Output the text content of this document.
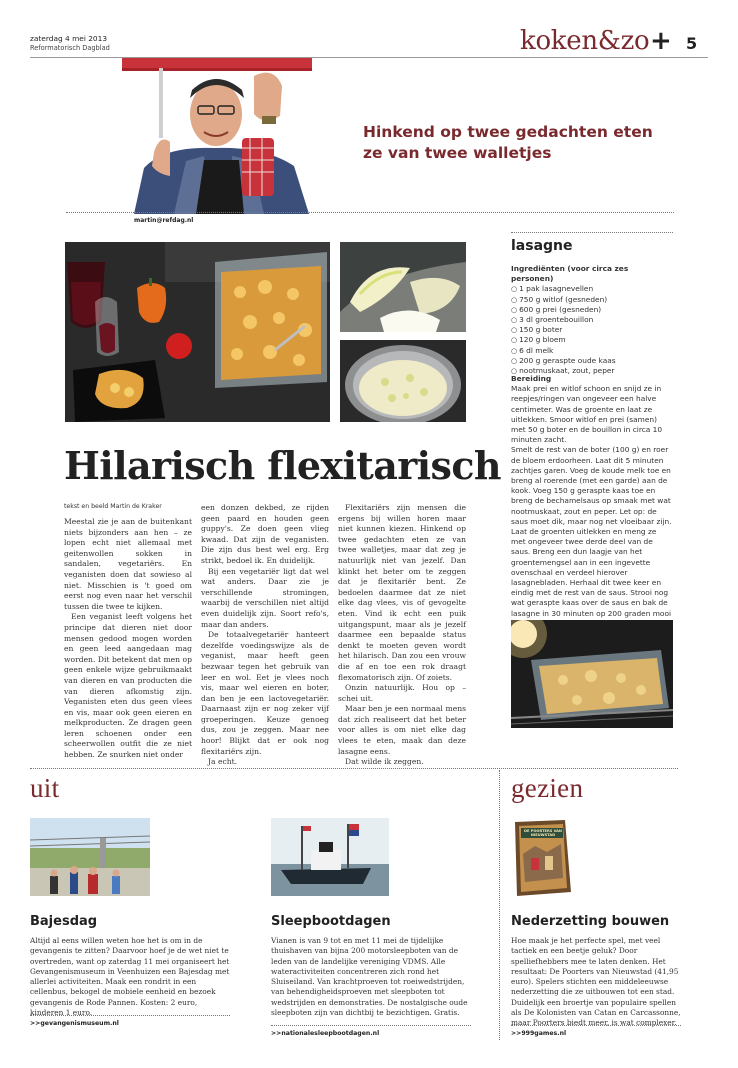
zaterdag 4 mei 2013
Reformatorisch Dagblad	koken&zo + 5
Hinkend op twee gedachten eten
ze van twee walletjes
martin@refdag.nl
Hilarisch flexitarisch
tekst en beeld Martin de Kraker

Meestal zie je aan de buitenkant niets bijzonders aan hen – ze lopen echt niet allemaal met geitenwollen sokken in sandalen, vegetariërs. En veganisten doen dat sowieso al niet. Misschien is 't goed om eerst nog even naar het verschil tussen die twee te kijken.

Een veganist leeft volgens het principe dat dieren niet door mensen gedood mogen worden en geen leed aangedaan mag worden. Dit betekent dat men op geen enkele wijze gebruikmaakt van dieren en van producten die van dieren afkomstig zijn. Veganisten eten dus geen vlees en vis, maar ook geen eieren en melkproducten. Ze dragen geen leren schoenen onder een scheerwollen outfit die ze niet hebben. Ze snurken niet onder

een donzen dekbed, ze rijden geen paard en houden geen guppy's. Ze doen geen vlieg kwaad. Dat zijn de veganisten. Die zijn dus best wel erg. Erg strikt, bedoel ik. En duidelijk.

Bij een vegetariër ligt dat wel wat anders. Daar zie je verschillende stromingen, waarbij de verschillen niet altijd even duidelijk zijn. Soort refo's, maar dan anders.

De totaalvegetariër hanteert dezelfde voedingswijze als de veganist, maar heeft geen bezwaar tegen het gebruik van leer en wol. Eet je vlees noch vis, maar wel eieren en boter, dan ben je een lactovegetariër. Daarnaast zijn er nog zeker vijf groeperingen. Keuze genoeg dus, zou je zeggen. Maar nee hoor! Blijkt dat er ook nog flexitariërs zijn.

Ja echt.

Flexitariërs zijn mensen die ergens bij willen horen maar niet kunnen kiezen. Hinkend op twee gedachten eten ze van twee walletjes, maar dat zeg je natuurlijk niet van jezelf. Dan klinkt het beter om te zeggen dat je flexitariër bent. Ze bedoelen daarmee dat ze niet elke dag vlees, vis of gevogelte eten. Vind ik echt een puik uitgangspunt, maar als je jezelf daarmee een bepaalde status denkt te moeten geven wordt het hilarisch. Dan zou een vrouw die af en toe een rok draagt flexomatorisch zijn. Of zoiets.

Onzin natuurlijk. Hou op – schei uit.

Maar ben je een normaal mens dat zich realiseert dat het beter voor alles is om niet elke dag vlees te eten, maak dan deze lasagne eens.

Dat wilde ik zeggen.

lasagne
Ingrediënten (voor circa zes personen)
○ 1 pak lasagnevellen
○ 750 g witlof (gesneden)
○ 600 g prei (gesneden)
○ 3 dl groentebouillon
○ 150 g boter
○ 120 g bloem
○ 6 dl melk
○ 200 g geraspte oude kaas
○ nootmuskaat, zout, peper
Bereiding

Maak prei en witlof schoon en snijd ze in reepjes/ringen van ongeveer een halve centimeter. Was de groente en laat ze uitlekken. Smoor witlof en prei (samen) met 50 g boter en de bouillon in circa 10 minuten zacht.

Smelt de rest van de boter (100 g) en roer de bloem erdoorheen. Laat dit 5 minuten zachtjes garen. Voeg de koude melk toe en breng al roerende (met een garde) aan de kook. Voeg 150 g geraspte kaas toe en breng de bechamelsaus op smaak met wat nootmuskaat, zout en peper. Let op: de saus moet dik, maar nog net vloeibaar zijn. Laat de groenten uitlekken en meng ze met ongeveer twee derde deel van de saus. Breng een dun laagje van het groentemengsel aan in een ingevette ovenschaal en verdeel hierover lasagnebladen. Herhaal dit twee keer en eindig met de rest van de saus. Strooi nog wat geraspte kaas over de saus en bak de lasagne in 30 minuten op 200 graden mooi

uit	gezien
DE POORTERS VAN NIEUWSTAD
Bajesdag
Altijd al eens willen weten hoe het is om in de gevangenis te zitten? Daarvoor hoef je de wet niet te overtreden, want op zaterdag 11 mei organiseert het Gevangenismuseum in Veenhuizen een Bajesdag met allerlei activiteiten. Maak een rondrit in een cellenbus, bekogel de mobiele eenheid en bezoek gevangenis de Rode Pannen. Kosten: 2 euro, kinderen 1 euro.
>>gevangenismuseum.nl
Sleepbootdagen
Vianen is van 9 tot en met 11 mei de tijdelijke thuishaven van bijna 200 motorsleepboten van de leden van de landelijke vereniging VDMS. Alle wateractiviteiten concentreren zich rond het Sluiseiland. Van krachtproeven tot roeiwedstrijden, van behendigheidsproeven met sleepboten tot wedstrijden en demonstraties. De nostalgische oude sleepboten zijn van dichtbij te bezichtigen. Gratis.
>>nationalesleepbootdagen.nl
Nederzetting bouwen
Hoe maak je het perfecte spel, met veel tactiek en een beetje geluk? Door spelliefhebbers mee te laten denken. Het resultaat: De Poorters van Nieuwstad (41,95 euro). Spelers stichten een middeleeuwse nederzetting die ze uitbouwen tot een stad. Duidelijk een broertje van populaire spellen als De Kolonisten van Catan en Carcassonne, maar Poorters biedt meer, is wat complexer.
>>999games.nl
